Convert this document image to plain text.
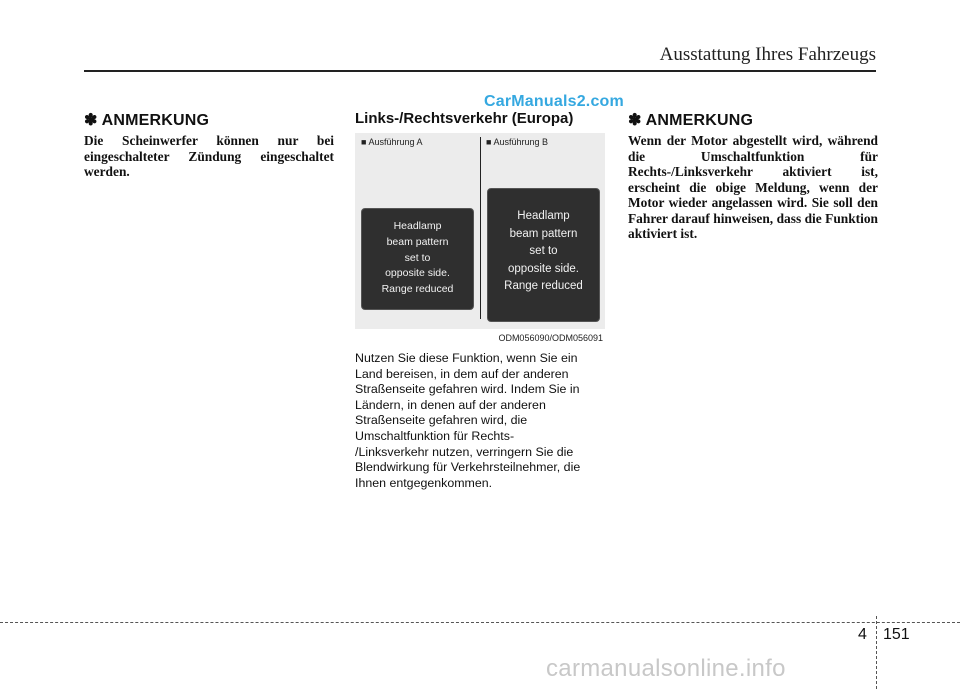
Ausstattung Ihres Fahrzeugs
CarManuals2.com
✽ ANMERKUNG

Die Scheinwerfer können nur bei eingeschalteter Zündung eingeschaltet werden.

Links-/Rechtsverkehr (Europa)
■ Ausführung A	■ Ausführung B
Headlamp
beam pattern
set to
opposite side.
Range reduced
Headlamp
beam pattern
set to
opposite side.
Range reduced
ODM056090/ODM056091
Nutzen Sie diese Funktion, wenn Sie ein
Land bereisen, in dem auf der anderen
Straßenseite gefahren wird. Indem Sie in
Ländern, in denen auf der anderen
Straßenseite gefahren wird, die
Umschaltfunktion für Rechts-
/Linksverkehr nutzen, verringern Sie die
Blendwirkung für Verkehrsteilnehmer, die
Ihnen entgegenkommen.
✽ ANMERKUNG

Wenn der Motor abgestellt wird, während die Umschaltfunktion für Rechts-/Linksverkehr aktiviert ist, erscheint die obige Meldung, wenn der Motor wieder angelassen wird. Sie soll den Fahrer darauf hinweisen, dass die Funktion aktiviert ist.

4 151
carmanualsonline.info
